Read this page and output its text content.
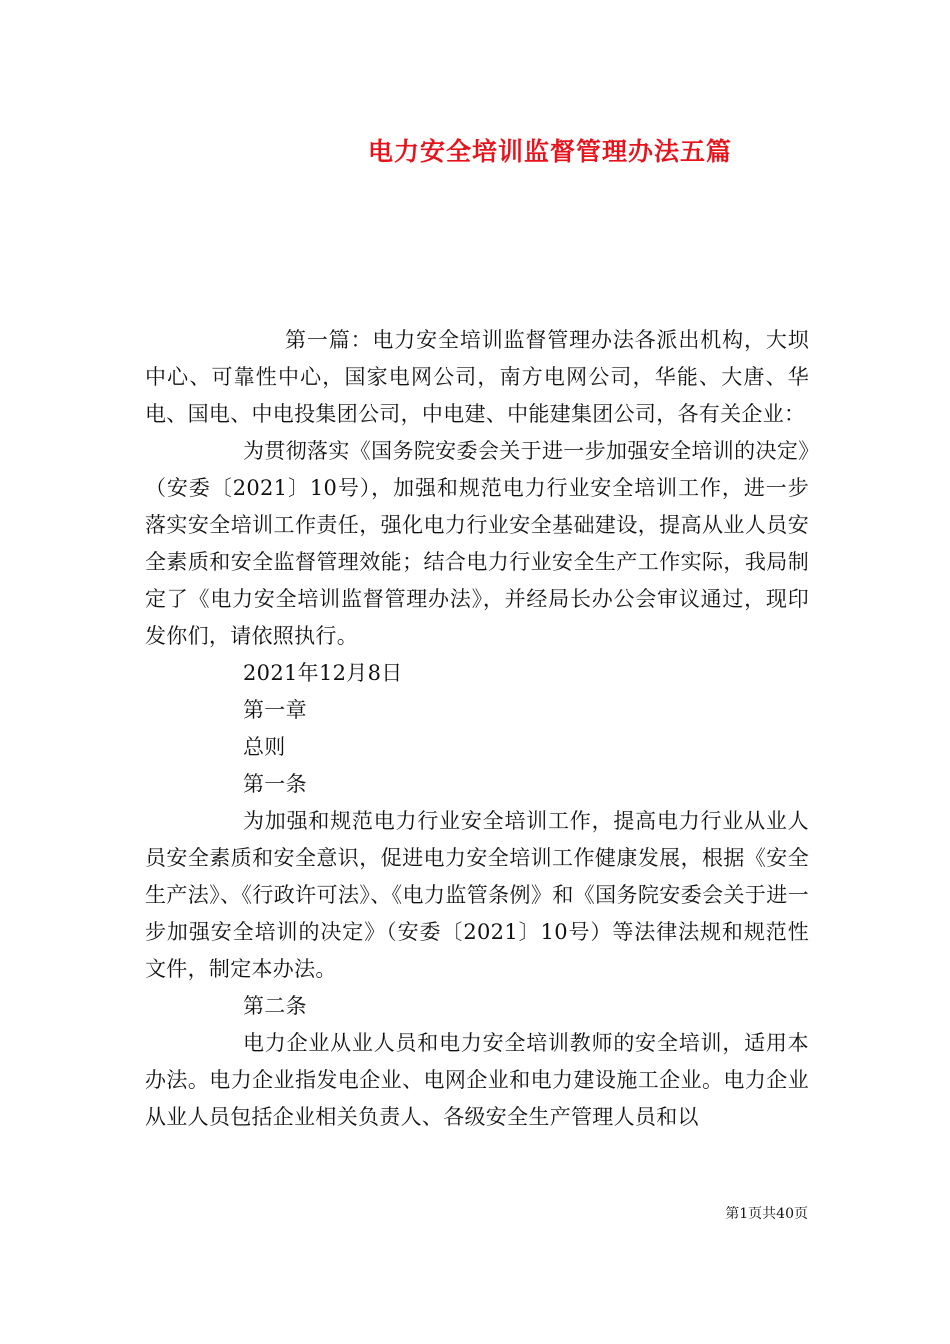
电力安全培训监督管理办法五篇

第一篇：电力安全培训监督管理办法各派出机构，大坝中心、可靠性中心，国家电网公司，南方电网公司，华能、大唐、华电、国电、中电投集团公司，中电建、中能建集团公司，各有关企业：

为贯彻落实《国务院安委会关于进一步加强安全培训的决定》（安委〔2021〕10号），加强和规范电力行业安全培训工作，进一步落实安全培训工作责任，强化电力行业安全基础建设，提高从业人员安全素质和安全监督管理效能；结合电力行业安全生产工作实际，我局制定了《电力安全培训监督管理办法》，并经局长办公会审议通过，现印发你们，请依照执行。

2021年12月8日
第一章
总则
第一条

为加强和规范电力行业安全培训工作，提高电力行业从业人员安全素质和安全意识，促进电力安全培训工作健康发展，根据《安全生产法》、《行政许可法》、《电力监管条例》和《国务院安委会关于进一步加强安全培训的决定》（安委〔2021〕10号）等法律法规和规范性文件，制定本办法。

第二条

电力企业从业人员和电力安全培训教师的安全培训，适用本办法。电力企业指发电企业、电网企业和电力建设施工企业。电力企业从业人员包括企业相关负责人、各级安全生产管理人员和以

第1页共40页
